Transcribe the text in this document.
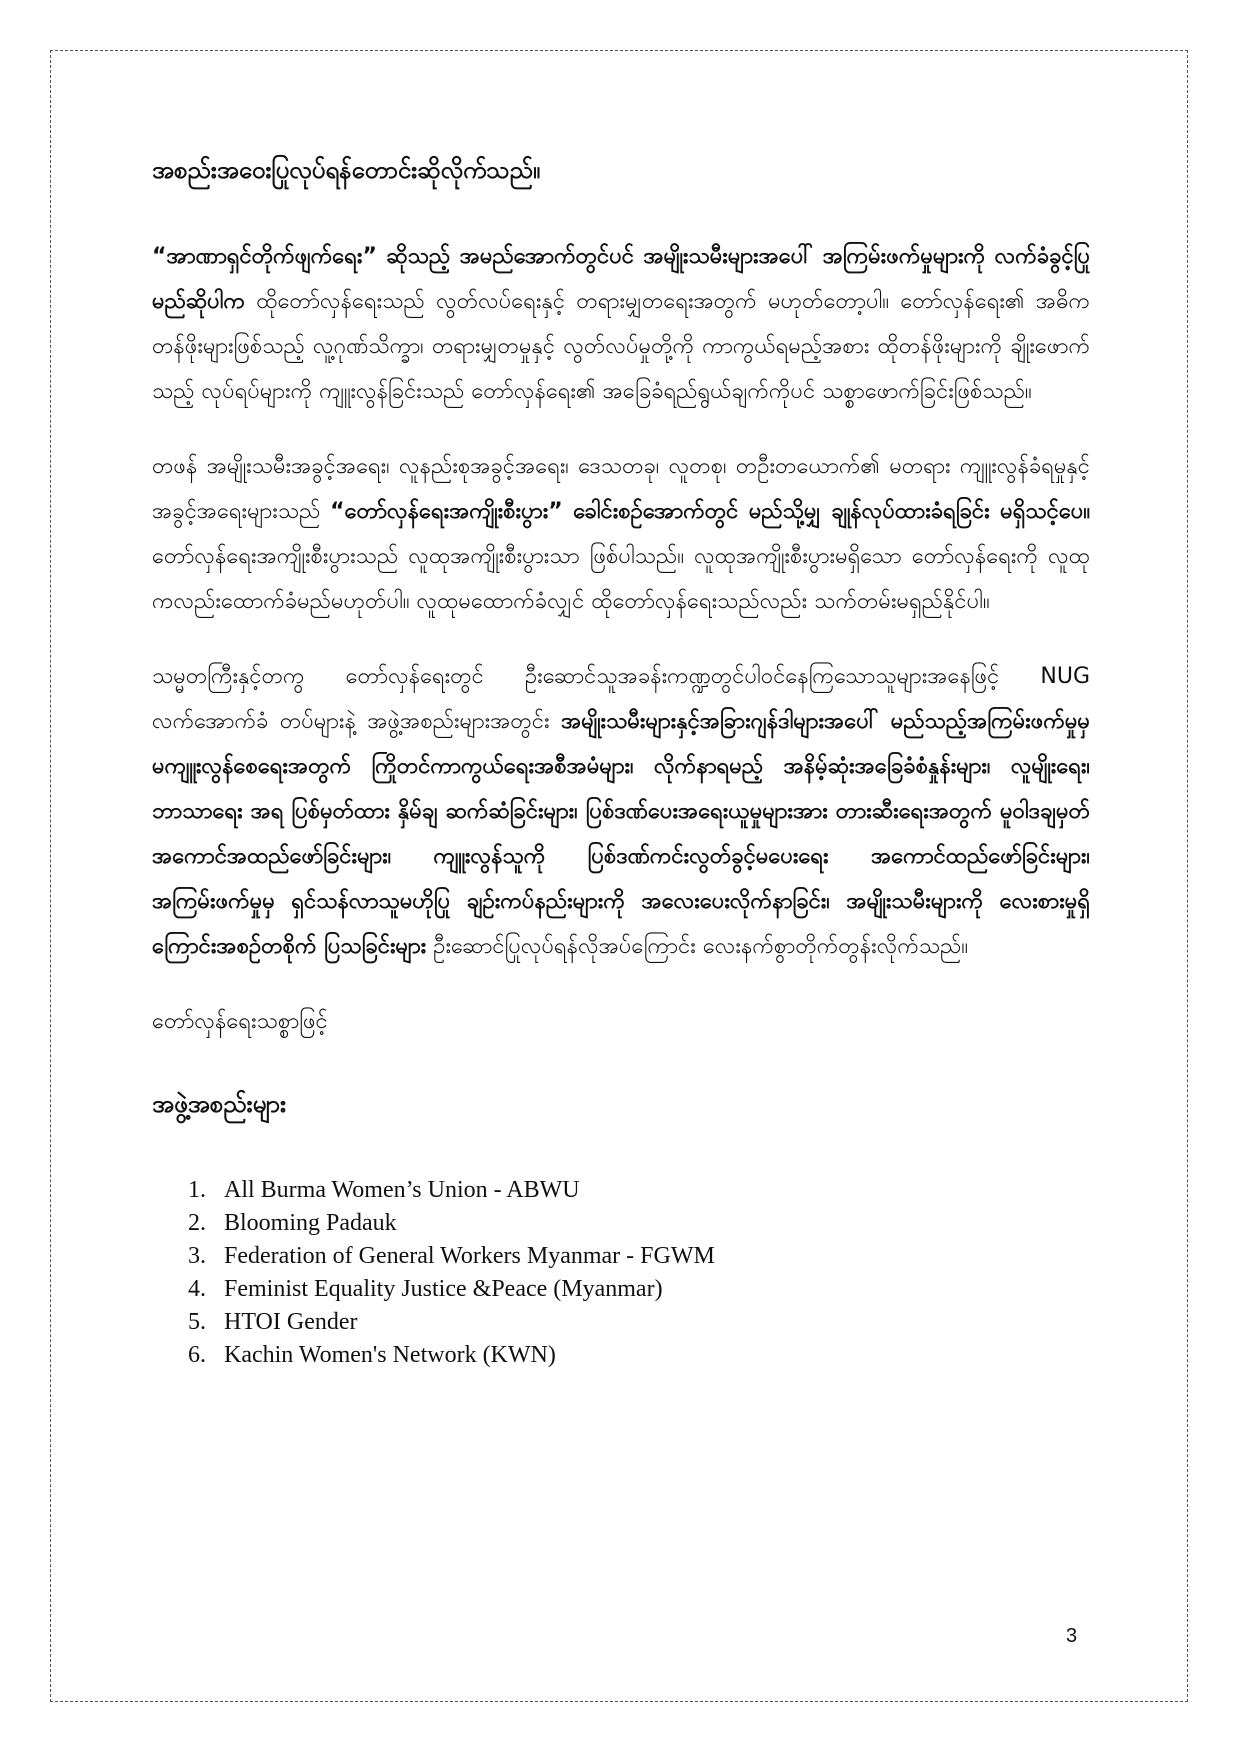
အစည်းအဝေးပြုလုပ်ရန်တောင်းဆိုလိုက်သည်။

“အာဏာရှင်တိုက်ဖျက်ရေး” ဆိုသည့် အမည်အောက်တွင်ပင် အမျိုးသမီးများအပေါ် အကြမ်းဖက်မှုများကို လက်ခံခွင့်ပြုမည်ဆိုပါက ထိုတော်လှန်ရေးသည် လွတ်လပ်ရေးနှင့် တရားမျှတရေးအတွက် မဟုတ်တော့ပါ။ တော်လှန်ရေး၏ အဓိကတန်ဖိုးများဖြစ်သည့် လူ့ဂုဏ်သိက္ခာ၊ တရားမျှတမှုနှင့် လွတ်လပ်မှုတို့ကို ကာကွယ်ရမည့်အစား ထိုတန်ဖိုးများကို ချိုးဖောက်သည့် လုပ်ရပ်များကို ကျူးလွန်ခြင်းသည် တော်လှန်ရေး၏ အခြေခံရည်ရွယ်ချက်ကိုပင် သစ္စာဖောက်ခြင်းဖြစ်သည်။

တဖန် အမျိုးသမီးအခွင့်အရေး၊ လူနည်းစုအခွင့်အရေး၊ ဒေသတခု၊ လူတစု၊ တဦးတယောက်၏ မတရား ကျူးလွန်ခံရမှုနှင့် အခွင့်အရေးများသည် “တော်လှန်ရေးအကျိုးစီးပွား” ခေါင်းစဉ်အောက်တွင် မည်သို့မျှ ချုန်လုပ်ထားခံရခြင်း မရှိသင့်ပေ။ တော်လှန်ရေးအကျိုးစီးပွားသည် လူထုအကျိုးစီးပွားသာ ဖြစ်ပါသည်။ လူထုအကျိုးစီးပွားမရှိသော တော်လှန်ရေးကို လူထုကလည်းထောက်ခံမည်မဟုတ်ပါ။ လူထုမထောက်ခံလျှင် ထိုတော်လှန်ရေးသည်လည်း သက်တမ်းမရှည်နိုင်ပါ။

သမ္မတကြီးနှင့်တကွ တော်လှန်ရေးတွင် ဦးဆောင်သူအခန်းကဏ္ဍတွင်ပါဝင်နေကြသောသူများအနေဖြင့် NUG လက်အောက်ခံ တပ်များနဲ့ အဖွဲ့အစည်းများအတွင်း အမျိုးသမီးများနှင့်အခြားဂျန်ဒါများအပေါ် မည်သည့်အကြမ်းဖက်မှုမှ မကျူးလွန်စေရေးအတွက် ကြိုတင်ကာကွယ်ရေးအစီအမံများ၊ လိုက်နာရမည့် အနိမ့်ဆုံးအခြေခံစံနှုန်းများ၊ လူမျိုးရေး၊ ဘာသာရေး အရ ပြစ်မှတ်ထား နှိမ်ချ ဆက်ဆံခြင်းများ၊ ပြစ်ဒဏ်ပေးအရေးယူမှုများအား တားဆီးရေးအတွက် မူဝါဒချမှတ် အကောင်အထည်ဖော်ခြင်းများ၊ ကျူးလွန်သူကို ပြစ်ဒဏ်ကင်းလွတ်ခွင့်မပေးရေး အကောင်ထည်ဖော်ခြင်းများ၊ အကြမ်းဖက်မှုမှ ရှင်သန်လာသူမဟိုပြု ချဉ်းကပ်နည်းများကို အလေးပေးလိုက်နာခြင်း၊ အမျိုးသမီးများကို လေးစားမှုရှိကြောင်းအစဉ်တစိုက် ပြသခြင်းများ ဦးဆောင်ပြုလုပ်ရန်လိုအပ်ကြောင်း လေးနက်စွာတိုက်တွန်းလိုက်သည်။

တော်လှန်ရေးသစ္စာဖြင့်

အဖွဲ့အစည်းများ
1. All Burma Women’s Union - ABWU
2. Blooming Padauk
3. Federation of General Workers Myanmar - FGWM
4. Feminist Equality Justice &Peace (Myanmar)
5. HTOI Gender
6. Kachin Women's Network (KWN)
3
